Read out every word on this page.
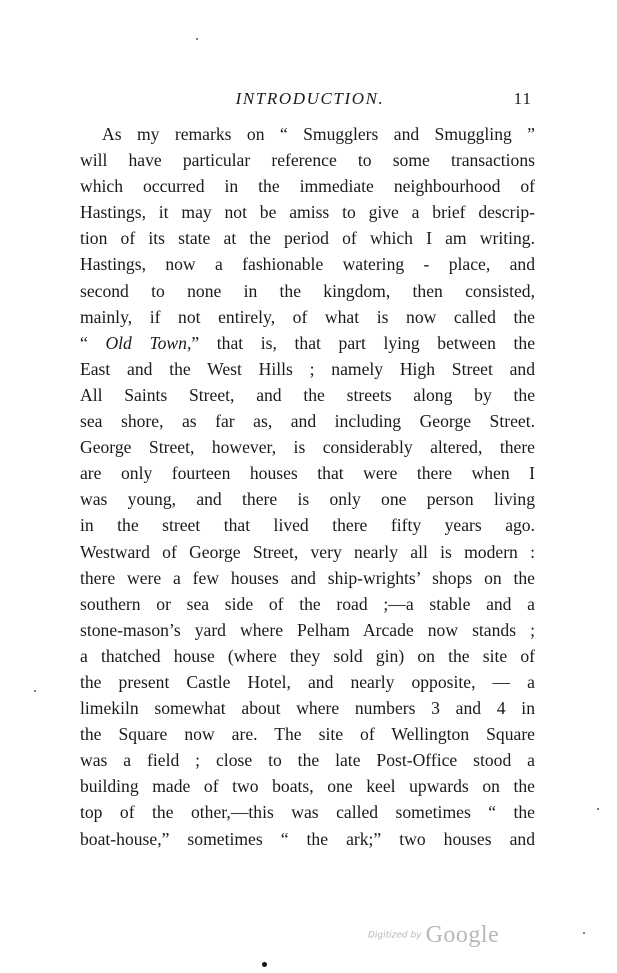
INTRODUCTION.	11
As my remarks on “ Smugglers and Smuggling ”
will have particular reference to some transactions
which occurred in the immediate neighbourhood of
Hastings, it may not be amiss to give a brief descrip-
tion of its state at the period of which I am writing.
Hastings, now a fashionable watering - place, and
second to none in the kingdom, then consisted,
mainly, if not entirely, of what is now called the
“ Old Town,” that is, that part lying between the
East and the West Hills ; namely High Street and
All Saints Street, and the streets along by the
sea shore, as far as, and including George Street.
George Street, however, is considerably altered, there
are only fourteen houses that were there when I
was young, and there is only one person living
in the street that lived there fifty years ago.
Westward of George Street, very nearly all is modern :
there were a few houses and ship-wrights’ shops on the
southern or sea side of the road ;—a stable and a
stone-mason’s yard where Pelham Arcade now stands ;
a thatched house (where they sold gin) on the site of
the present Castle Hotel, and nearly opposite, — a
limekiln somewhat about where numbers 3 and 4 in
the Square now are. The site of Wellington Square
was a field ; close to the late Post-Office stood a
building made of two boats, one keel upwards on the
top of the other,—this was called sometimes “ the
boat-house,” sometimes “ the ark;” two houses and
Digitized by Google
